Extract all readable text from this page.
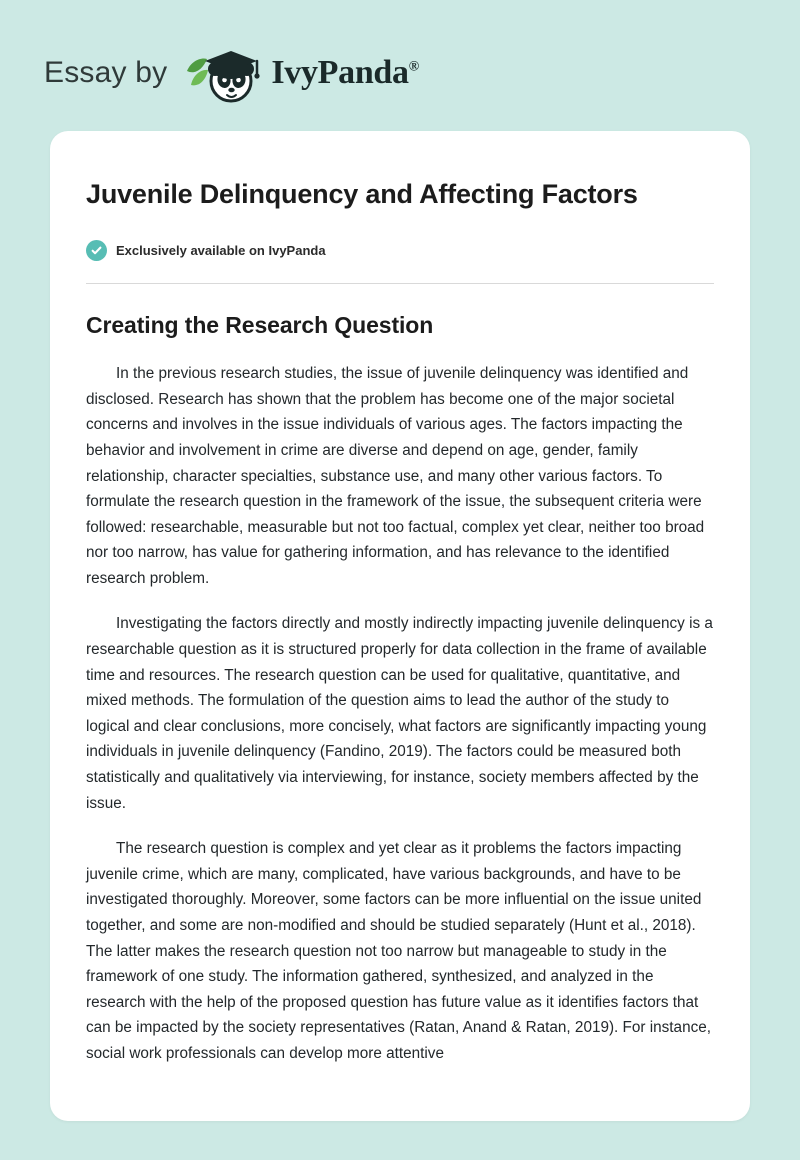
Essay by	IvyPanda®
Juvenile Delinquency and Affecting Factors
Exclusively available on IvyPanda
Creating the Research Question

In the previous research studies, the issue of juvenile delinquency was identified and disclosed. Research has shown that the problem has become one of the major societal concerns and involves in the issue individuals of various ages. The factors impacting the behavior and involvement in crime are diverse and depend on age, gender, family relationship, character specialties, substance use, and many other various factors. To formulate the research question in the framework of the issue, the subsequent criteria were followed: researchable, measurable but not too factual, complex yet clear, neither too broad nor too narrow, has value for gathering information, and has relevance to the identified research problem.

Investigating the factors directly and mostly indirectly impacting juvenile delinquency is a researchable question as it is structured properly for data collection in the frame of available time and resources. The research question can be used for qualitative, quantitative, and mixed methods. The formulation of the question aims to lead the author of the study to logical and clear conclusions, more concisely, what factors are significantly impacting young individuals in juvenile delinquency (Fandino, 2019). The factors could be measured both statistically and qualitatively via interviewing, for instance, society members affected by the issue.

The research question is complex and yet clear as it problems the factors impacting juvenile crime, which are many, complicated, have various backgrounds, and have to be investigated thoroughly. Moreover, some factors can be more influential on the issue united together, and some are non-modified and should be studied separately (Hunt et al., 2018). The latter makes the research question not too narrow but manageable to study in the framework of one study. The information gathered, synthesized, and analyzed in the research with the help of the proposed question has future value as it identifies factors that can be impacted by the society representatives (Ratan, Anand & Ratan, 2019). For instance, social work professionals can develop more attentive
